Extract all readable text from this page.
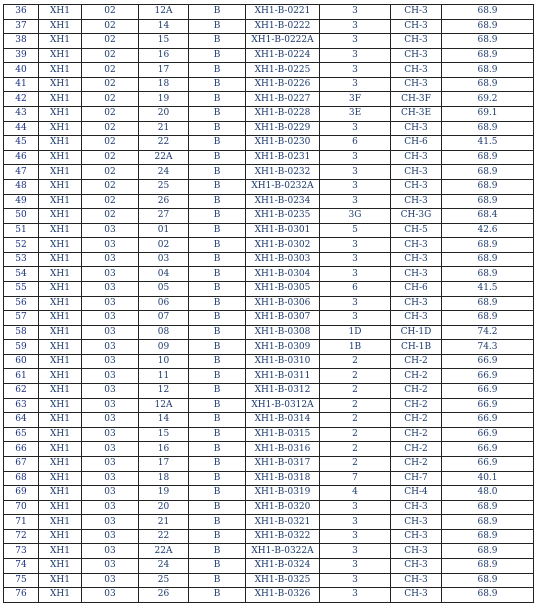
36	XH1	02	12A	B	XH1-B-0221	3	CH-3	68.9
37	XH1	02	14	B	XH1-B-0222	3	CH-3	68.9
38	XH1	02	15	B	XH1-B-0222A	3	CH-3	68.9
39	XH1	02	16	B	XH1-B-0224	3	CH-3	68.9
40	XH1	02	17	B	XH1-B-0225	3	CH-3	68.9
41	XH1	02	18	B	XH1-B-0226	3	CH-3	68.9
42	XH1	02	19	B	XH1-B-0227	3F	CH-3F	69.2
43	XH1	02	20	B	XH1-B-0228	3E	CH-3E	69.1
44	XH1	02	21	B	XH1-B-0229	3	CH-3	68.9
45	XH1	02	22	B	XH1-B-0230	6	CH-6	41.5
46	XH1	02	22A	B	XH1-B-0231	3	CH-3	68.9
47	XH1	02	24	B	XH1-B-0232	3	CH-3	68.9
48	XH1	02	25	B	XH1-B-0232A	3	CH-3	68.9
49	XH1	02	26	B	XH1-B-0234	3	CH-3	68.9
50	XH1	02	27	B	XH1-B-0235	3G	CH-3G	68.4
51	XH1	03	01	B	XH1-B-0301	5	CH-5	42.6
52	XH1	03	02	B	XH1-B-0302	3	CH-3	68.9
53	XH1	03	03	B	XH1-B-0303	3	CH-3	68.9
54	XH1	03	04	B	XH1-B-0304	3	CH-3	68.9
55	XH1	03	05	B	XH1-B-0305	6	CH-6	41.5
56	XH1	03	06	B	XH1-B-0306	3	CH-3	68.9
57	XH1	03	07	B	XH1-B-0307	3	CH-3	68.9
58	XH1	03	08	B	XH1-B-0308	1D	CH-1D	74.2
59	XH1	03	09	B	XH1-B-0309	1B	CH-1B	74.3
60	XH1	03	10	B	XH1-B-0310	2	CH-2	66.9
61	XH1	03	11	B	XH1-B-0311	2	CH-2	66.9
62	XH1	03	12	B	XH1-B-0312	2	CH-2	66.9
63	XH1	03	12A	B	XH1-B-0312A	2	CH-2	66.9
64	XH1	03	14	B	XH1-B-0314	2	CH-2	66.9
65	XH1	03	15	B	XH1-B-0315	2	CH-2	66.9
66	XH1	03	16	B	XH1-B-0316	2	CH-2	66.9
67	XH1	03	17	B	XH1-B-0317	2	CH-2	66.9
68	XH1	03	18	B	XH1-B-0318	7	CH-7	40.1
69	XH1	03	19	B	XH1-B-0319	4	CH-4	48.0
70	XH1	03	20	B	XH1-B-0320	3	CH-3	68.9
71	XH1	03	21	B	XH1-B-0321	3	CH-3	68.9
72	XH1	03	22	B	XH1-B-0322	3	CH-3	68.9
73	XH1	03	22A	B	XH1-B-0322A	3	CH-3	68.9
74	XH1	03	24	B	XH1-B-0324	3	CH-3	68.9
75	XH1	03	25	B	XH1-B-0325	3	CH-3	68.9
76	XH1	03	26	B	XH1-B-0326	3	CH-3	68.9
